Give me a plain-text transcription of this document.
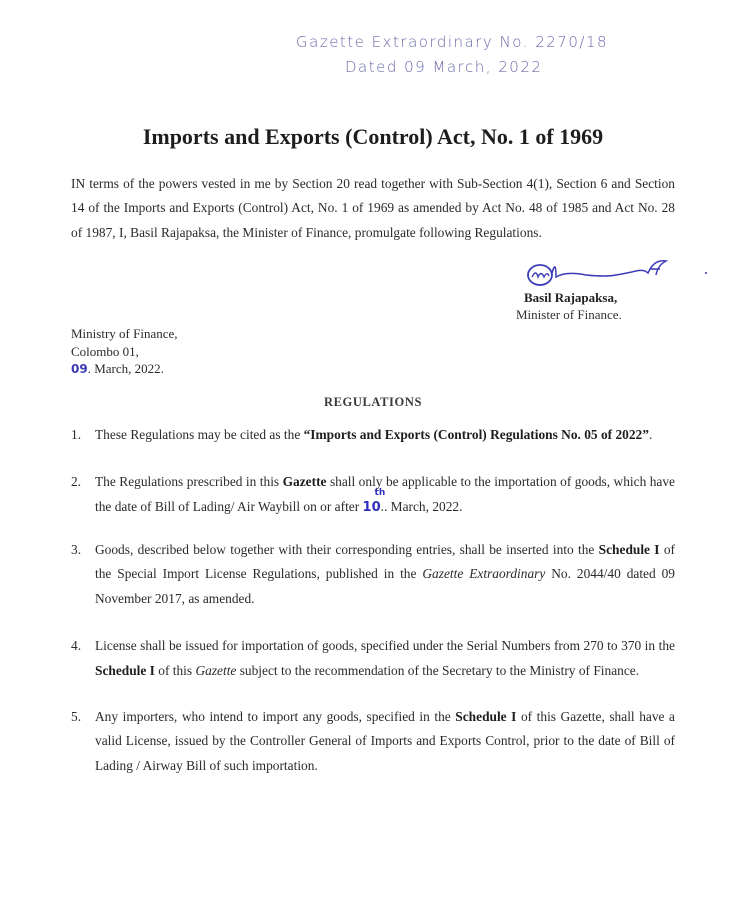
Gazette Extraordinary No. 2270/18
Dated 09 March, 2022
Imports and Exports (Control) Act, No. 1 of 1969
IN terms of the powers vested in me by Section 20 read together with Sub-Section 4(1), Section 6 and Section 14 of the Imports and Exports (Control) Act, No. 1 of 1969 as amended by Act No. 48 of 1985 and Act No. 28 of 1987, I, Basil Rajapaksa, the Minister of Finance, promulgate following Regulations.
Basil Rajapaksa,
Minister of Finance.
Ministry of Finance,
Colombo 01,
09. March, 2022.
REGULATIONS
1.	These Regulations may be cited as the “Imports and Exports (Control) Regulations No. 05 of 2022”.
2.	The Regulations prescribed in this Gazette shall only be applicable to the importation of goods, which have the date of Bill of Lading/ Air Waybill on or after 10
th
.. March, 2022.
3.	Goods, described below together with their corresponding entries, shall be inserted into the Schedule I of the Special Import License Regulations, published in the Gazette Extraordinary No. 2044/40 dated 09 November 2017, as amended.
4.	License shall be issued for importation of goods, specified under the Serial Numbers from 270 to 370 in the Schedule I of this Gazette subject to the recommendation of the Secretary to the Ministry of Finance.
5.	Any importers, who intend to import any goods, specified in the Schedule I of this Gazette, shall have a valid License, issued by the Controller General of Imports and Exports Control, prior to the date of Bill of Lading / Airway Bill of such importation.
